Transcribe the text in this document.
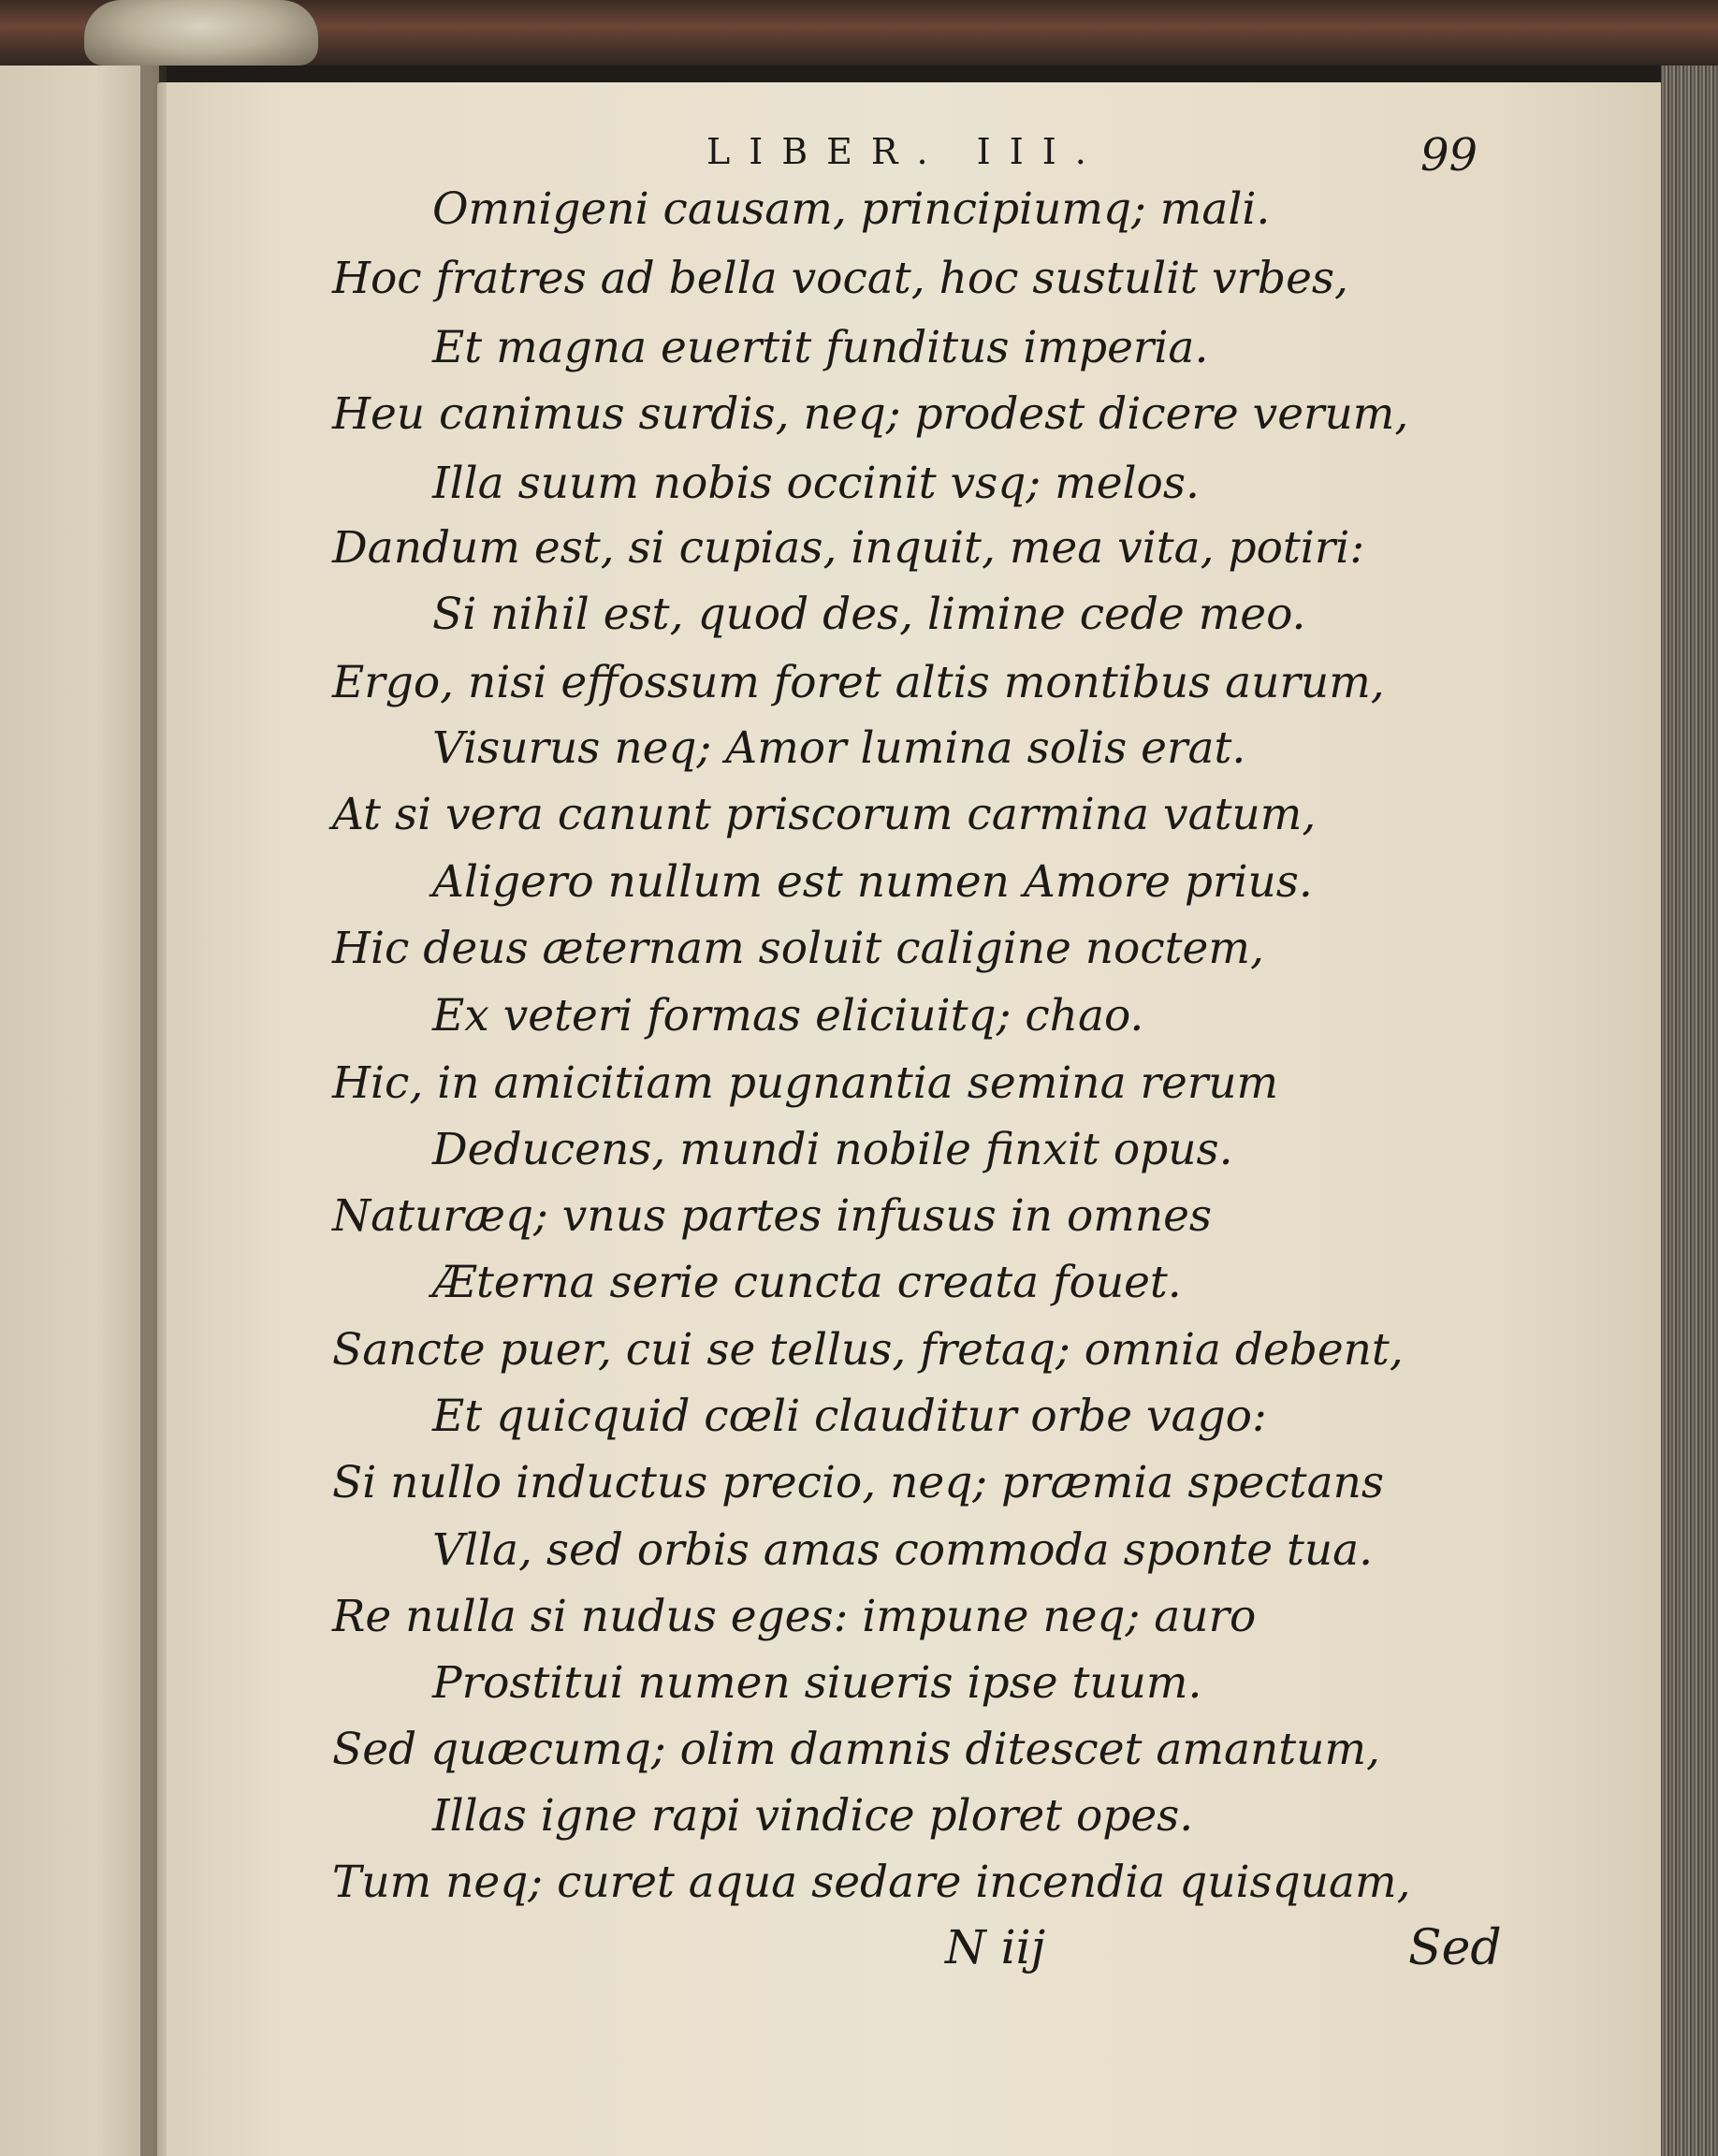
LIBER. III.	99
Omnigeni causam, principiumq; mali.
Hoc fratres ad bella vocat, hoc sustulit vrbes,
Et magna euertit funditus imperia.
Heu canimus surdis, neq; prodest dicere verum,
Illa suum nobis occinit vsq; melos.
Dandum est, si cupias, inquit, mea vita, potiri:
Si nihil est, quod des, limine cede meo.
Ergo, nisi effossum foret altis montibus aurum,
Visurus neq; Amor lumina solis erat.
At si vera canunt priscorum carmina vatum,
Aligero nullum est numen Amore prius.
Hic deus æternam soluit caligine noctem,
Ex veteri formas eliciuitq; chao.
Hic, in amicitiam pugnantia semina rerum
Deducens, mundi nobile finxit opus.
Naturæq; vnus partes infusus in omnes
Æterna serie cuncta creata fouet.
Sancte puer, cui se tellus, fretaq; omnia debent,
Et quicquid cœli clauditur orbe vago:
Si nullo inductus precio, neq; præmia spectans
Vlla, sed orbis amas commoda sponte tua.
Re nulla si nudus eges: impune neq; auro
Prostitui numen siueris ipse tuum.
Sed quæcumq; olim damnis ditescet amantum,
Illas igne rapi vindice ploret opes.
Tum neq; curet aqua sedare incendia quisquam,
N iij	Sed
